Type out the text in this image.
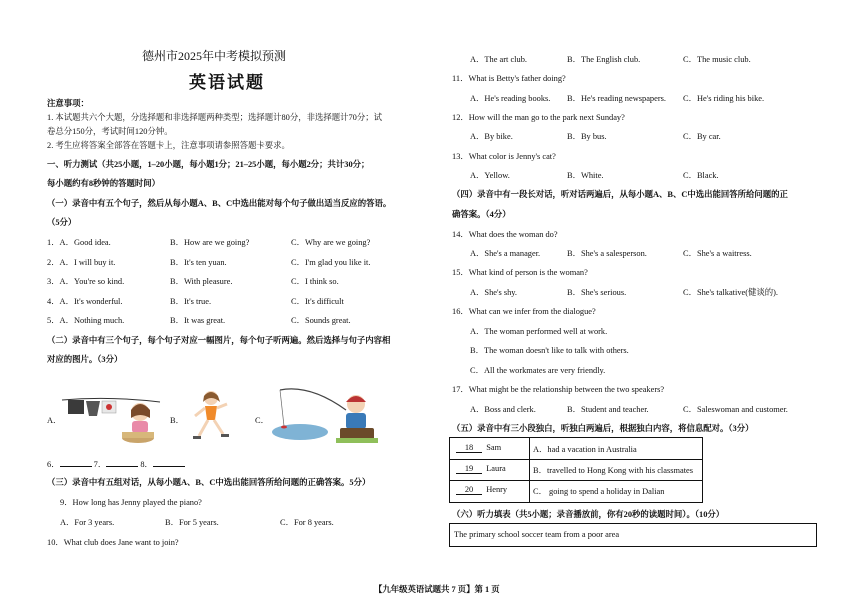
德州市2025年中考模拟预测
英语试题
注意事项：
1. 本试题共六个大题，分选择题和非选择题两种类型；选择题计80分，非选择题计70分；试
卷总分150分，考试时间120分钟。
2. 考生应将答案全部答在答题卡上，注意事项请参照答题卡要求。
一、听力测试（共25小题，1–20小题，每小题1分；21–25小题，每小题2分；共计30分；
每小题约有8秒钟的答题时间）
（一）录音中有五个句子，然后从每小题A、B、C中选出能对每个句子做出适当反应的答语。
（5分）
1．A．Good idea.	B．How are we going?	C．Why are we going?
2．A．I will buy it.	B．It's ten yuan.	C．I'm glad you like it.
3．A．You're so kind.	B．With pleasure.	C．I think so.
4．A．It's wonderful.	B．It's true.	C．It's difficult
5．A．Nothing much.	B．It was great.	C．Sounds great.
（二）录音中有三个句子，每个句子对应一幅图片，每个句子听两遍。然后选择与句子内容相
对应的图片。（3分）
A．	B．	C．
6．	7．	8．
（三）录音中有五组对话，从每小题A、B、C中选出能回答所给问题的正确答案。5分）
9．How long has Jenny played the piano?
A．For 3 years.	B．For 5 years.	C．For 8 years.
10．What club does Jane want to join?
A．The art club.	B．The English club.	C．The music club.
11．What is Betty's father doing?
A．He's reading books. B．He's reading newspapers. C．He's riding his bike.
12．How will the man go to the park next Sunday?
A．By bike.	B．By bus.	C．By car.
13．What color is Jenny's cat?
A．Yellow.	B．White.	C．Black.
（四）录音中有一段长对话，听对话两遍后，从每小题A、B、C中选出能回答所给问题的正
确答案。（4分）
14．What does the woman do?
A．She's a manager.	B．She's a salesperson.	C．She's a waitress.
15．What kind of person is the woman?
A．She's shy.	B．She's serious.	C．She's talkative(健谈的).
16．What can we infer from the dialogue?
A．The woman performed well at work.
B．The woman doesn't like to talk with others.
C．All the workmates are very friendly.
17．What might be the relationship between the two speakers?
A．Boss and clerk.	B．Student and teacher.	C．Saleswoman and customer.
（五）录音中有三小段独白，听独白两遍后，根据独白内容，将信息配对。（3分）
18 Sam	A．had a vacation in Australia
19 Laura	B．travelled to Hong Kong with his classmates
20 Henry	C． going to spend a holiday in Dalian
（六）听力填表（共5小题；录音播放前，你有20秒的读题时间）。（10分）
The primary school soccer team from a poor area
【九年级英语试题共 7 页】第 1 页
